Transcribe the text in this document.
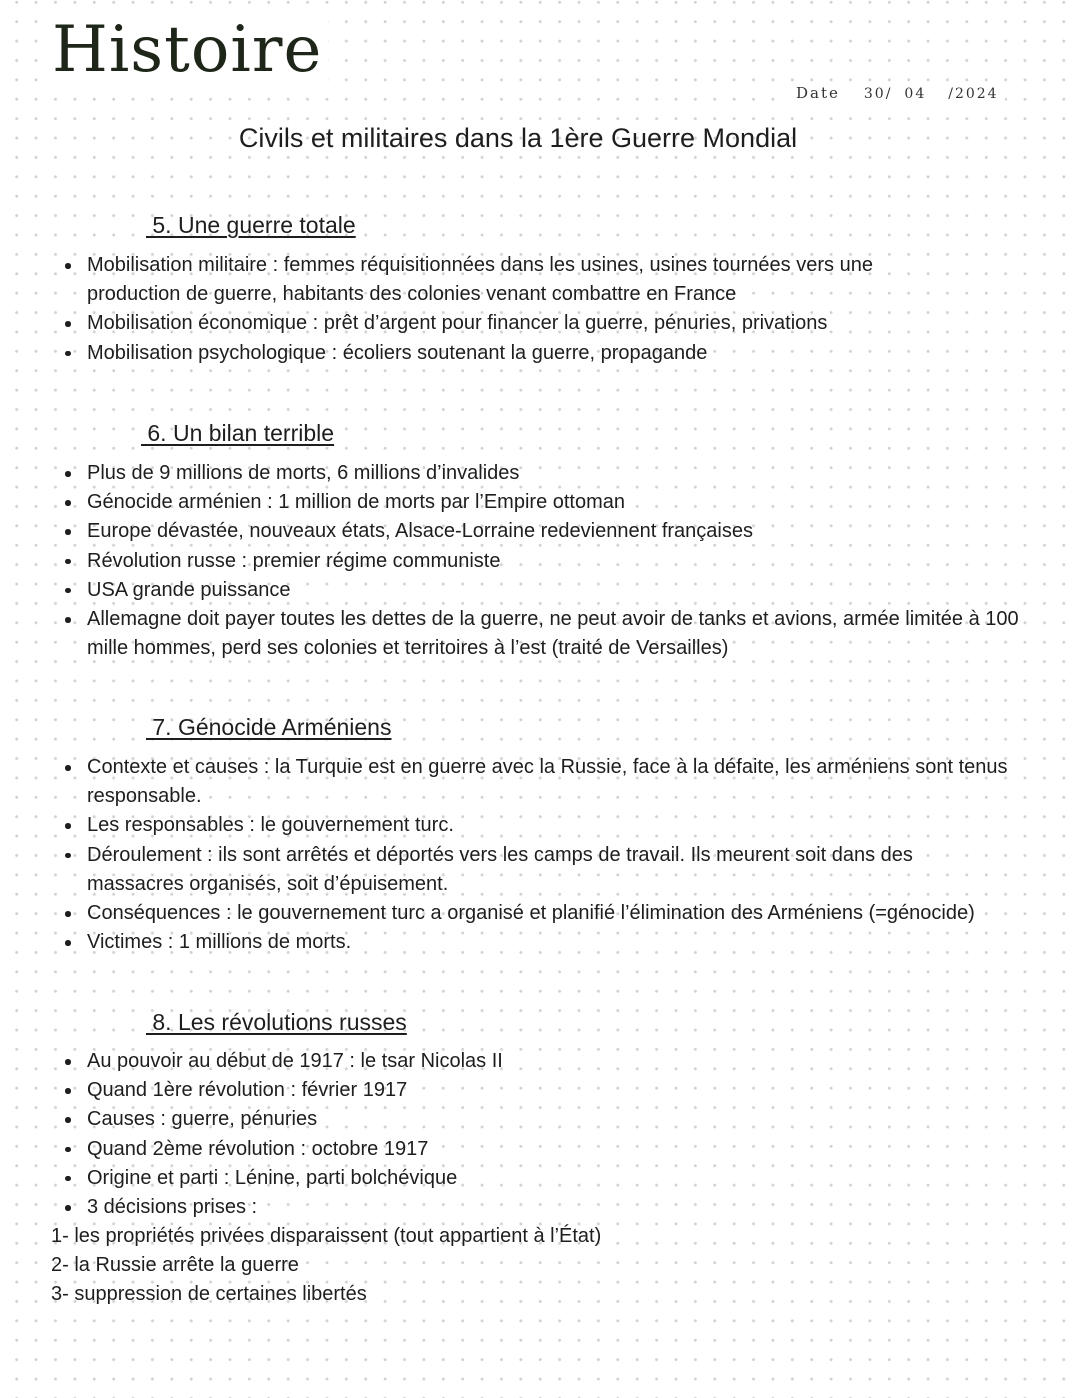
Histoire
Date 30/ 04 /2024
Civils et militaires dans la 1ère Guerre Mondial
5. Une guerre totale
Mobilisation militaire : femmes réquisitionnées dans les usines, usines tournées vers une production de guerre, habitants des colonies venant combattre en France
Mobilisation économique : prêt d’argent pour financer la guerre, pénuries, privations
Mobilisation psychologique : écoliers soutenant la guerre, propagande
6. Un bilan terrible
Plus de 9 millions de morts, 6 millions d’invalides
Génocide arménien : 1 million de morts par l’Empire ottoman
Europe dévastée, nouveaux états, Alsace-Lorraine redeviennent françaises
Révolution russe : premier régime communiste
USA grande puissance
Allemagne doit payer toutes les dettes de la guerre, ne peut avoir de tanks et avions, armée limitée à 100 mille hommes, perd ses colonies et territoires à l’est (traité de Versailles)
7. Génocide Arméniens
Contexte et causes : la Turquie est en guerre avec la Russie, face à la défaite, les arméniens sont tenus responsable.
Les responsables : le gouvernement turc.
Déroulement : ils sont arrêtés et déportés vers les camps de travail. Ils meurent soit dans des massacres organisés, soit d’épuisement.
Conséquences : le gouvernement turc a organisé et planifié l’élimination des Arméniens (=génocide)
Victimes : 1 millions de morts.
8. Les révolutions russes
Au pouvoir au début de 1917 : le tsar Nicolas II
Quand 1ère révolution : février 1917
Causes : guerre, pénuries
Quand 2ème révolution : octobre 1917
Origine et parti : Lénine, parti bolchévique
3 décisions prises :
1- les propriétés privées disparaissent (tout appartient à l’État)
2- la Russie arrête la guerre
3- suppression de certaines libertés
